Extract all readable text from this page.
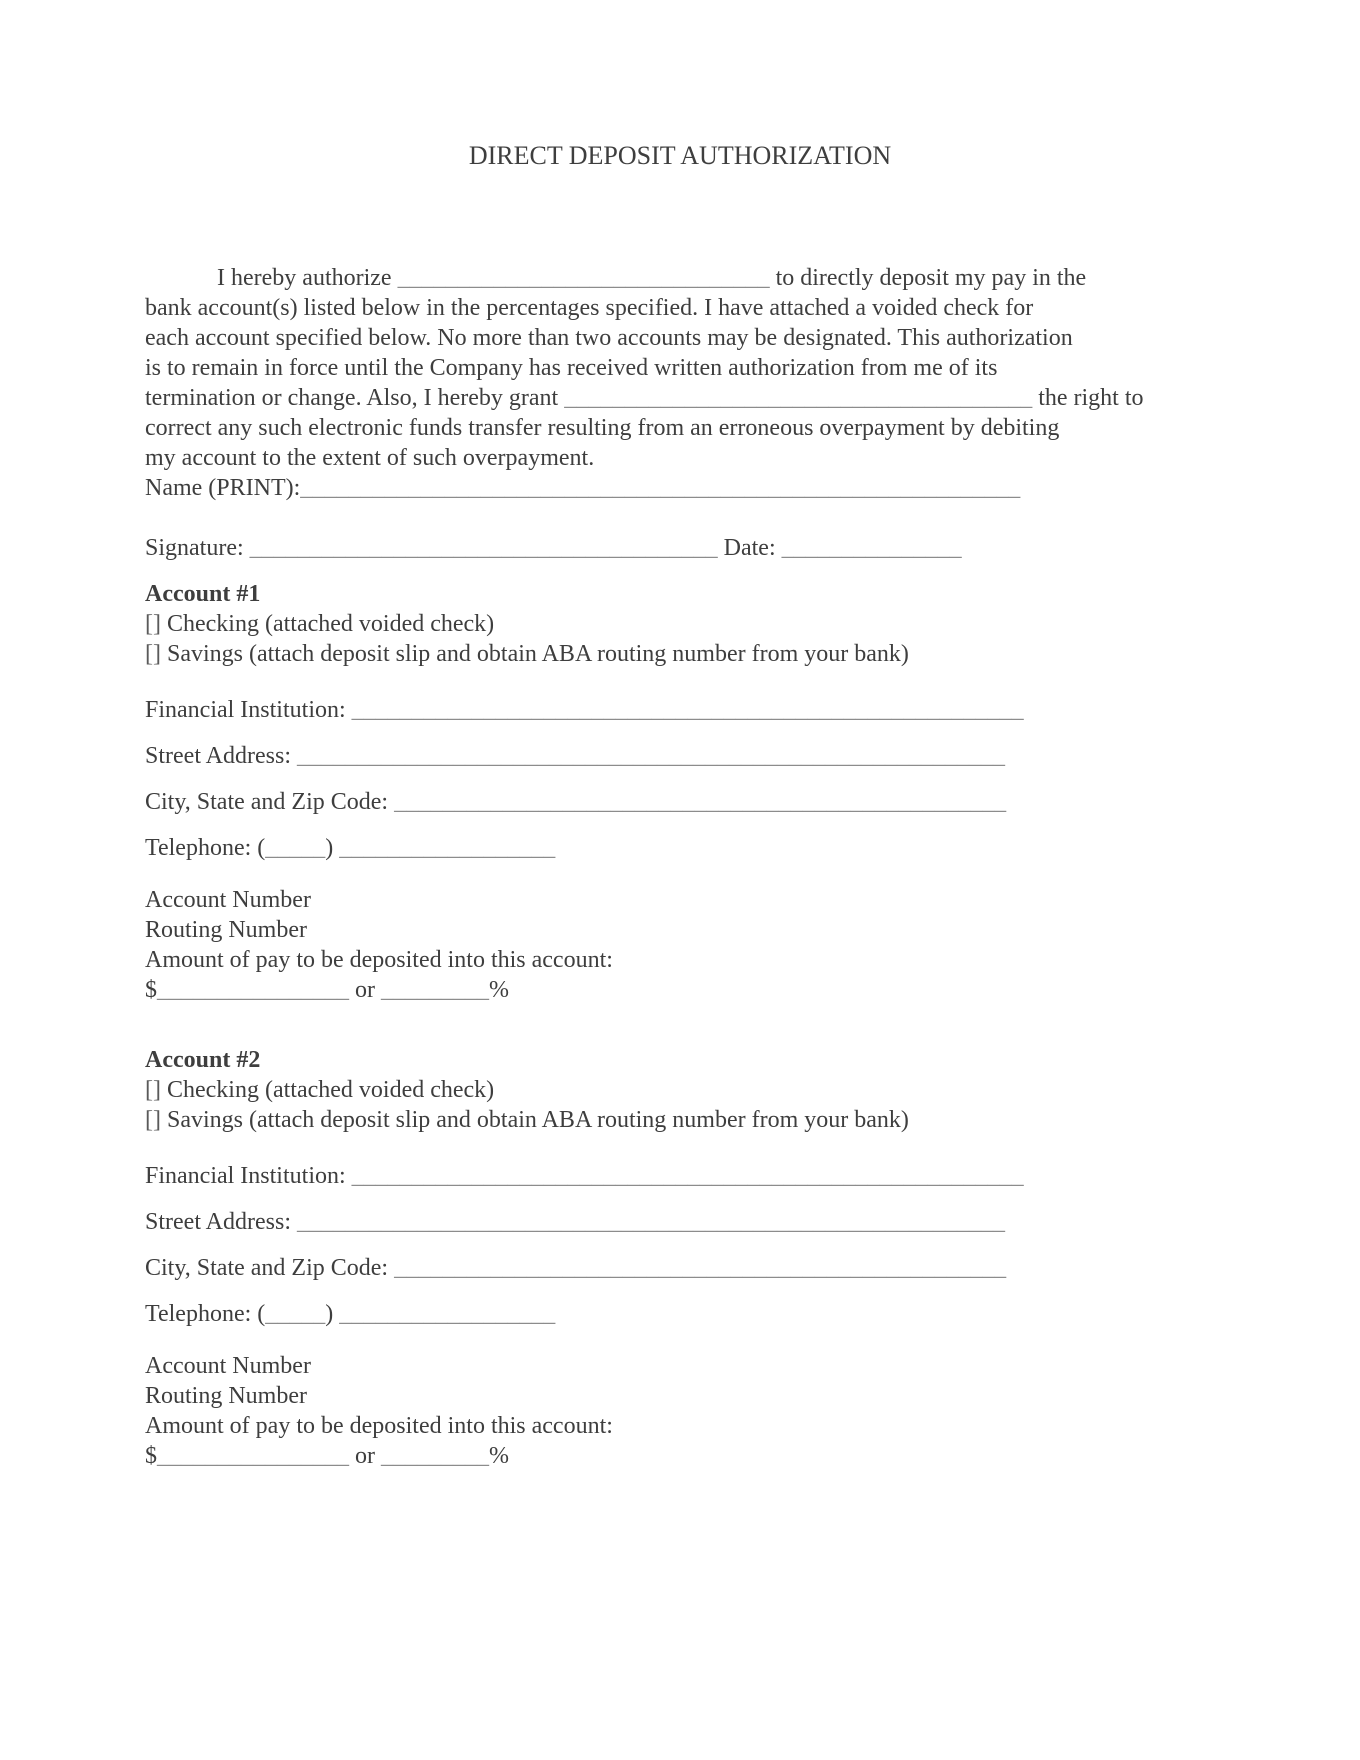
DIRECT DEPOSIT AUTHORIZATION
I hereby authorize _______________________________ to directly deposit my pay in the
bank account(s) listed below in the percentages specified. I have attached a voided check for
each account specified below. No more than two accounts may be designated. This authorization
is to remain in force until the Company has received written authorization from me of its
termination or change. Also, I hereby grant _______________________________________ the right to
correct any such electronic funds transfer resulting from an erroneous overpayment by debiting
my account to the extent of such overpayment.
Name (PRINT):____________________________________________________________
Signature: _______________________________________ Date: _______________
Account #1
[] Checking (attached voided check)
[] Savings (attach deposit slip and obtain ABA routing number from your bank)
Financial Institution: ________________________________________________________
Street Address: ___________________________________________________________
City, State and Zip Code: ___________________________________________________
Telephone: (_____) __________________
Account Number
Routing Number
Amount of pay to be deposited into this account:
$________________ or _________%
Account #2
[] Checking (attached voided check)
[] Savings (attach deposit slip and obtain ABA routing number from your bank)
Financial Institution: ________________________________________________________
Street Address: ___________________________________________________________
City, State and Zip Code: ___________________________________________________
Telephone: (_____) __________________
Account Number
Routing Number
Amount of pay to be deposited into this account:
$________________ or _________%
